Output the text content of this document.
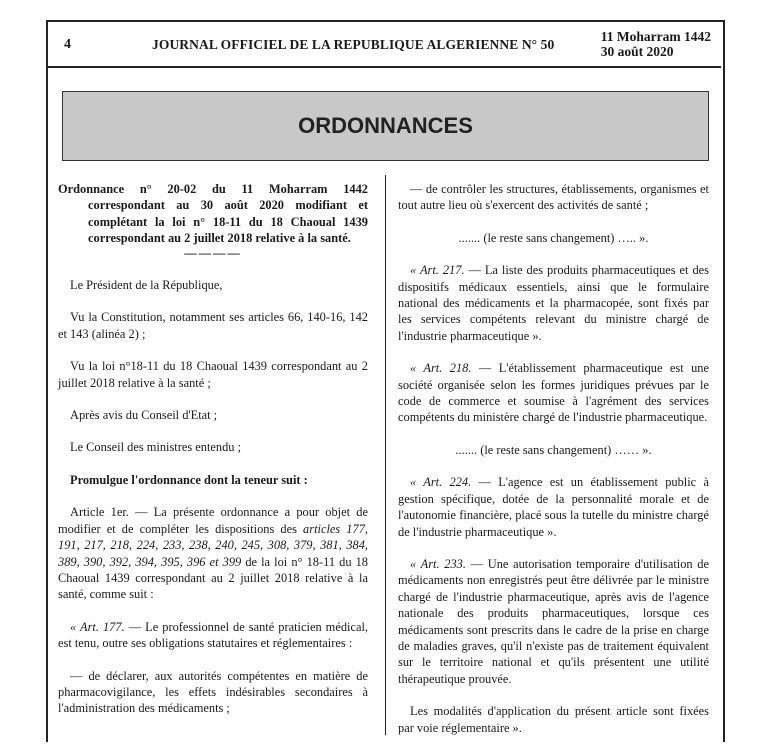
4	JOURNAL OFFICIEL DE LA REPUBLIQUE ALGERIENNE N° 50
11 Moharram 1442
30 août 2020
ORDONNANCES

Ordonnance n° 20-02 du 11 Moharram 1442 correspondant au 30 août 2020 modifiant et complétant la loi n° 18-11 du 18 Chaoual 1439 correspondant au 2 juillet 2018 relative à la santé.

————

Le Président de la République,

Vu la Constitution, notamment ses articles 66, 140-16, 142 et 143 (alinéa 2) ;

Vu la loi n°18-11 du 18 Chaoual 1439 correspondant au 2 juillet 2018 relative à la santé ;

Après avis du Conseil d'Etat ;

Le Conseil des ministres entendu ;

Promulgue l'ordonnance dont la teneur suit :

Article 1er. — La présente ordonnance a pour objet de modifier et de compléter les dispositions des articles 177, 191, 217, 218, 224, 233, 238, 240, 245, 308, 379, 381, 384, 389, 390, 392, 394, 395, 396 et 399 de la loi n° 18-11 du 18 Chaoual 1439 correspondant au 2 juillet 2018 relative à la santé, comme suit :

« Art. 177. — Le professionnel de santé praticien médical, est tenu, outre ses obligations statutaires et réglementaires :

— de déclarer, aux autorités compétentes en matière de pharmacovigilance, les effets indésirables secondaires à l'administration des médicaments ;

— de contrôler les structures, établissements, organismes et tout autre lieu où s'exercent des activités de santé ;

....... (le reste sans changement) ….. ».

« Art. 217. — La liste des produits pharmaceutiques et des dispositifs médicaux essentiels, ainsi que le formulaire national des médicaments et la pharmacopée, sont fixés par les services compétents relevant du ministre chargé de l'industrie pharmaceutique ».

« Art. 218. — L'établissement pharmaceutique est une société organisée selon les formes juridiques prévues par le code de commerce et soumise à l'agrément des services compétents du ministère chargé de l'industrie pharmaceutique.

....... (le reste sans changement) …… ».

« Art. 224. — L'agence est un établissement public à gestion spécifique, dotée de la personnalité morale et de l'autonomie financière, placé sous la tutelle du ministre chargé de l'industrie pharmaceutique ».

« Art. 233. — Une autorisation temporaire d'utilisation de médicaments non enregistrés peut être délivrée par le ministre chargé de l'industrie pharmaceutique, après avis de l'agence nationale des produits pharmaceutiques, lorsque ces médicaments sont prescrits dans le cadre de la prise en charge de maladies graves, qu'il n'existe pas de traitement équivalent sur le territoire national et qu'ils présentent une utilité thérapeutique prouvée.

Les modalités d'application du présent article sont fixées par voie réglementaire ».
